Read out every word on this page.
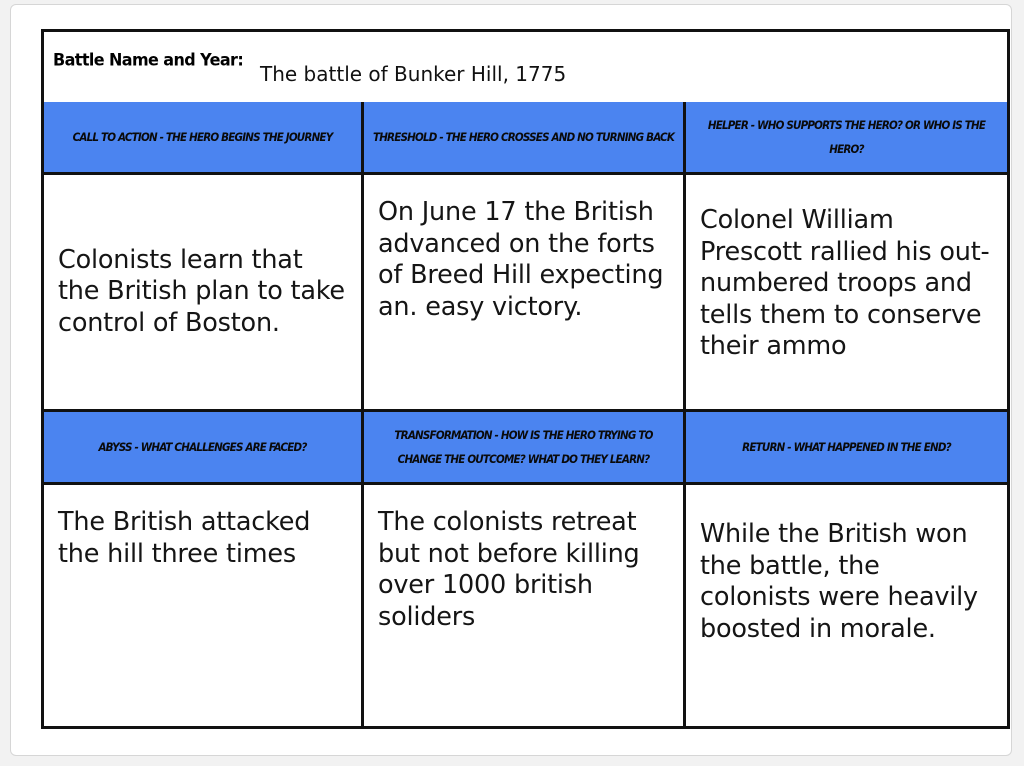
Battle Name and Year:
The battle of Bunker Hill, 1775
CALL TO ACTION - THE HERO BEGINS THE JOURNEY	THRESHOLD - THE HERO CROSSES AND NO TURNING BACK
HELPER - WHO SUPPORTS THE HERO? OR WHO IS THE HERO?
Colonists learn that the British plan to take control of Boston.
On June 17 the British advanced on the forts of Breed Hill expecting an. easy victory.
Colonel William Prescott rallied his out-numbered troops and tells them to conserve their ammo
ABYSS - WHAT CHALLENGES ARE FACED?
TRANSFORMATION - HOW IS THE HERO TRYING TO CHANGE THE OUTCOME? WHAT DO THEY LEARN?
RETURN - WHAT HAPPENED IN THE END?
The British attacked the hill three times
The colonists retreat but not before killing over 1000 british soliders
While the British won the battle, the colonists were heavily boosted in morale.
